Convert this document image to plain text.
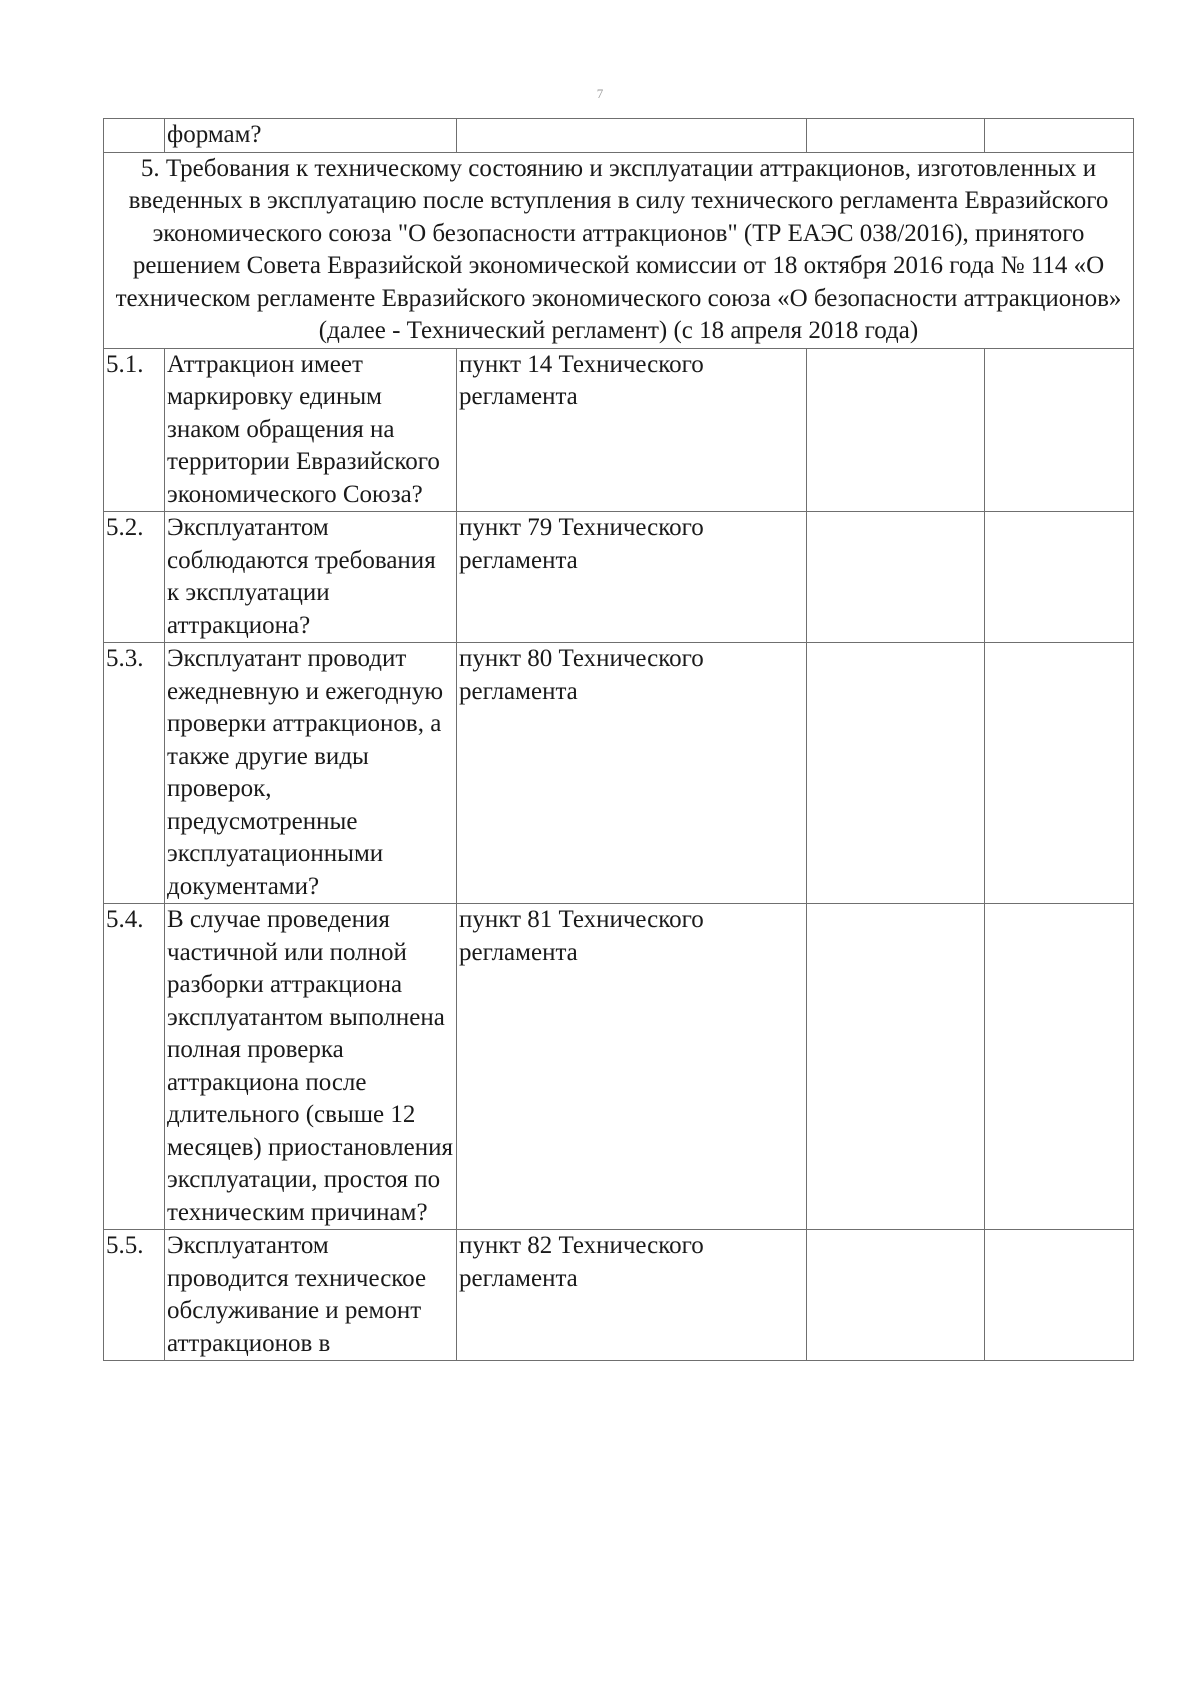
7
	формам?			
5. Требования к техническому состоянию и эксплуатации аттракционов, изготовленных и введенных в эксплуатацию после вступления в силу технического регламента Евразийского экономического союза "О безопасности аттракционов" (ТР ЕАЭС 038/2016), принятого решением Совета Евразийской экономической комиссии от 18 октября 2016 года № 114 «О техническом регламенте Евразийского экономического союза «О безопасности аттракционов» (далее - Технический регламент) (с 18 апреля 2018 года)				
5.1.	Аттракцион имеет маркировку единым знаком обращения на территории Евразийского экономического Союза?	пункт 14 Технического регламента		
5.2.	Эксплуатантом соблюдаются требования к эксплуатации аттракциона?	пункт 79 Технического регламента		
5.3.	Эксплуатант проводит ежедневную и ежегодную проверки аттракционов, а также другие виды проверок, предусмотренные эксплуатационными документами?	пункт 80 Технического регламента		
5.4.	В случае проведения частичной или полной разборки аттракциона эксплуатантом выполнена полная проверка аттракциона после длительного (свыше 12 месяцев) приостановления эксплуатации, простоя по техническим причинам?	пункт 81 Технического регламента		
5.5.	Эксплуатантом проводится техническое обслуживание и ремонт аттракционов в	пункт 82 Технического регламента		
